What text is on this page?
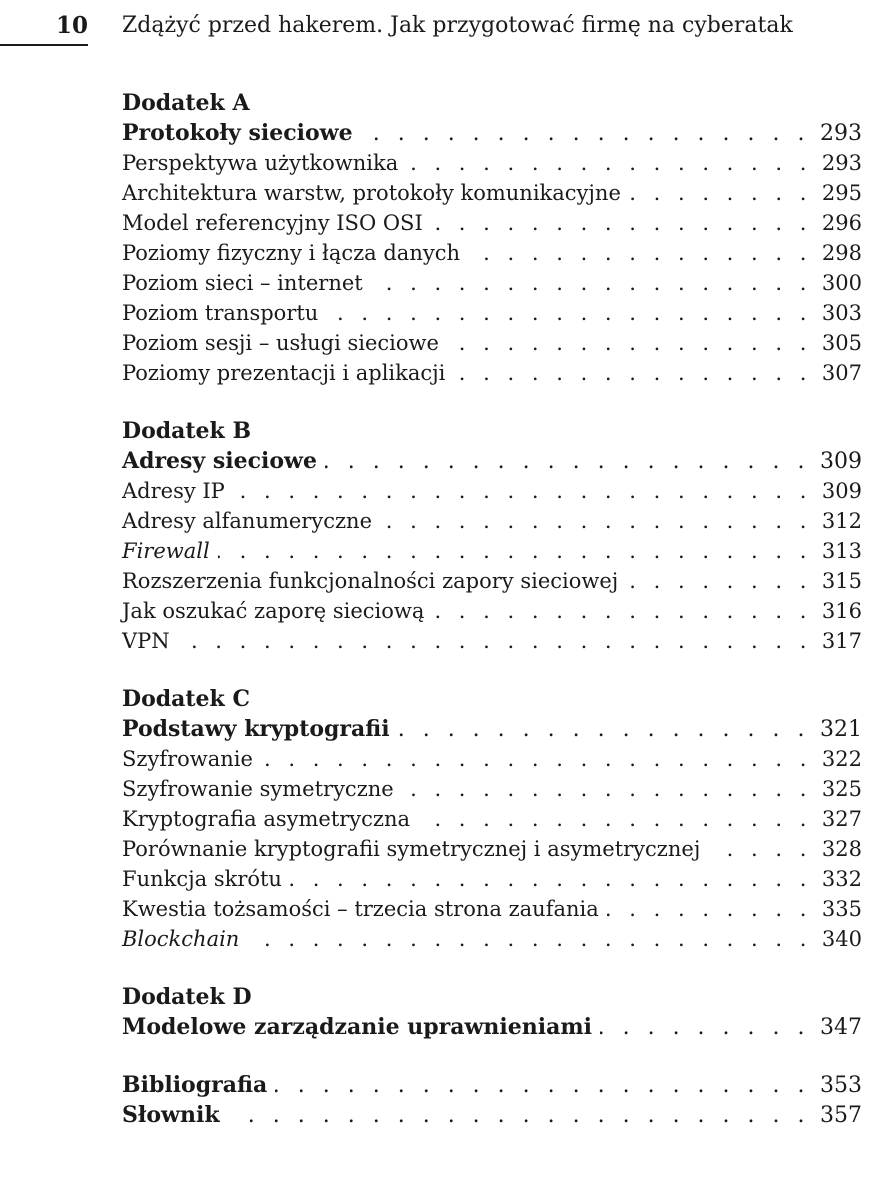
10 Zdążyć przed hakerem. Jak przygotować firmę na cyberatak
Dodatek A
Protokoły sieciowe . . .	293
Perspektywa użytkownika . . .	293
Architektura warstw, protokoły komunikacyjne . . .	295
Model referencyjny ISO OSI . . .	296
Poziomy fizyczny i łącza danych . . .	298
Poziom sieci – internet . . .	300
Poziom transportu . . .	303
Poziom sesji – usługi sieciowe . . .	305
Poziomy prezentacji i aplikacji . . .	307
Dodatek B
Adresy sieciowe . . .	309
Adresy IP . . .	309
Adresy alfanumeryczne . . .	312
Firewall . . .	313
Rozszerzenia funkcjonalności zapory sieciowej . . .	315
Jak oszukać zaporę sieciową . . .	316
VPN . . .	317
Dodatek C
Podstawy kryptografii . . .	321
Szyfrowanie . . .	322
Szyfrowanie symetryczne . . .	325
Kryptografia asymetryczna . . .	327
Porównanie kryptografii symetrycznej i asymetrycznej . . .	328
Funkcja skrótu . . .	332
Kwestia tożsamości – trzecia strona zaufania . . .	335
Blockchain . . .	340
Dodatek D
Modelowe zarządzanie uprawnieniami . . .	347
Bibliografia . . .	353
Słownik . . .	357
